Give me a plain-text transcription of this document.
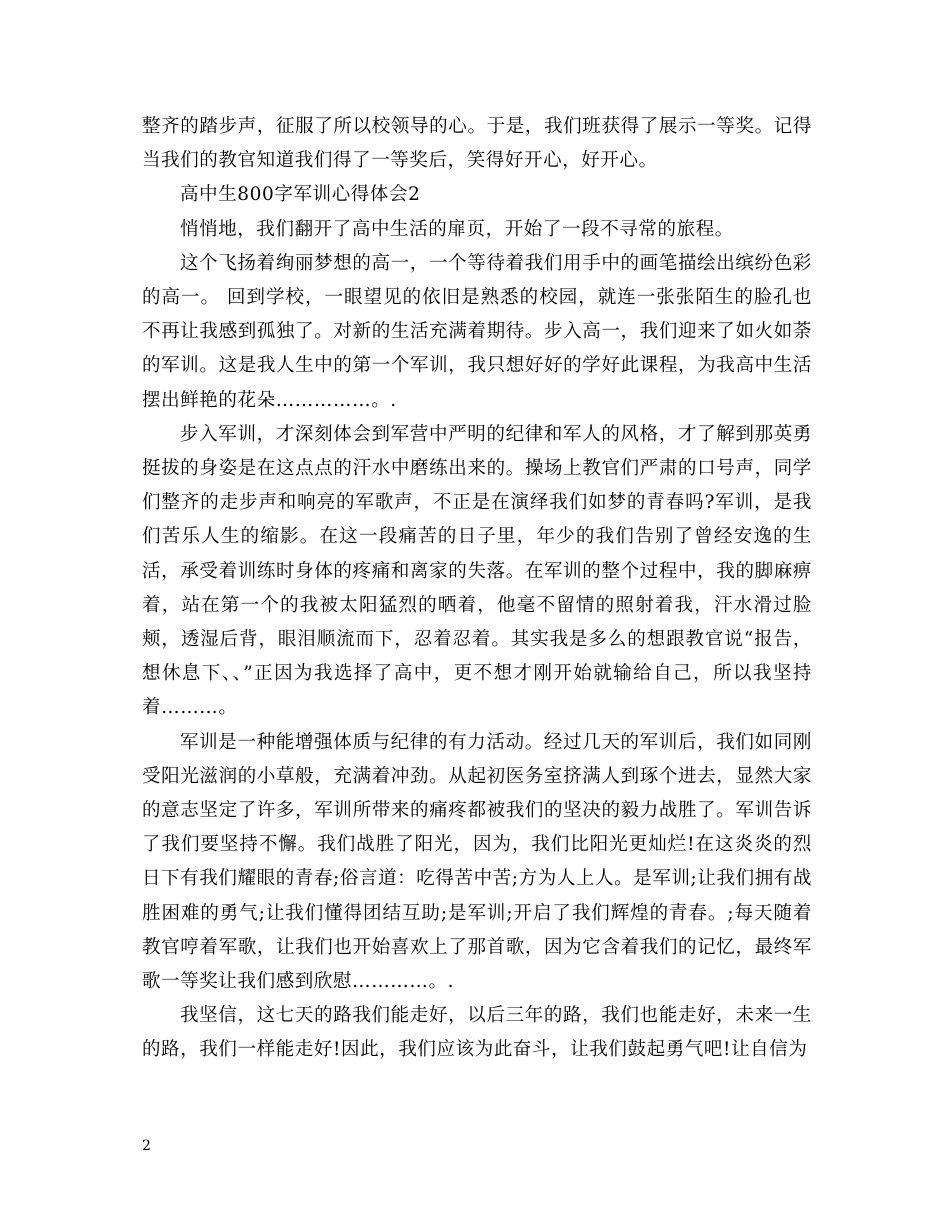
整齐的踏步声，征服了所以校领导的心。于是，我们班获得了展示一等奖。记得当我们的教官知道我们得了一等奖后，笑得好开心，好开心。

高中生800字军训心得体会2

悄悄地，我们翻开了高中生活的扉页，开始了一段不寻常的旅程。

这个飞扬着绚丽梦想的高一，一个等待着我们用手中的画笔描绘出缤纷色彩的高一。 回到学校，一眼望见的依旧是熟悉的校园，就连一张张陌生的脸孔也不再让我感到孤独了。对新的生活充满着期待。步入高一，我们迎来了如火如荼的军训。这是我人生中的第一个军训，我只想好好的学好此课程，为我高中生活摆出鲜艳的花朵……………。.

步入军训，才深刻体会到军营中严明的纪律和军人的风格，才了解到那英勇挺拔的身姿是在这点点的汗水中磨练出来的。操场上教官们严肃的口号声，同学们整齐的走步声和响亮的军歌声，不正是在演绎我们如梦的青春吗?军训，是我们苦乐人生的缩影。在这一段痛苦的日子里，年少的我们告别了曾经安逸的生活，承受着训练时身体的疼痛和离家的失落。在军训的整个过程中，我的脚麻痹着，站在第一个的我被太阳猛烈的晒着，他毫不留情的照射着我，汗水滑过脸颊，透湿后背，眼泪顺流而下，忍着忍着。其实我是多么的想跟教官说“报告，想休息下、、”正因为我选择了高中，更不想才刚开始就输给自己，所以我坚持着………。

军训是一种能增强体质与纪律的有力活动。经过几天的军训后，我们如同刚受阳光滋润的小草般，充满着冲劲。从起初医务室挤满人到琢个进去，显然大家的意志坚定了许多，军训所带来的痛疼都被我们的坚决的毅力战胜了。军训告诉了我们要坚持不懈。我们战胜了阳光，因为，我们比阳光更灿烂!在这炎炎的烈日下有我们耀眼的青春;俗言道：吃得苦中苦;方为人上人。是军训;让我们拥有战胜困难的勇气;让我们懂得团结互助;是军训;开启了我们辉煌的青春。;每天随着教官哼着军歌，让我们也开始喜欢上了那首歌，因为它含着我们的记忆，最终军歌一等奖让我们感到欣慰…………。.

我坚信，这七天的路我们能走好，以后三年的路，我们也能走好，未来一生的路，我们一样能走好!因此，我们应该为此奋斗，让我们鼓起勇气吧!让自信为

2
